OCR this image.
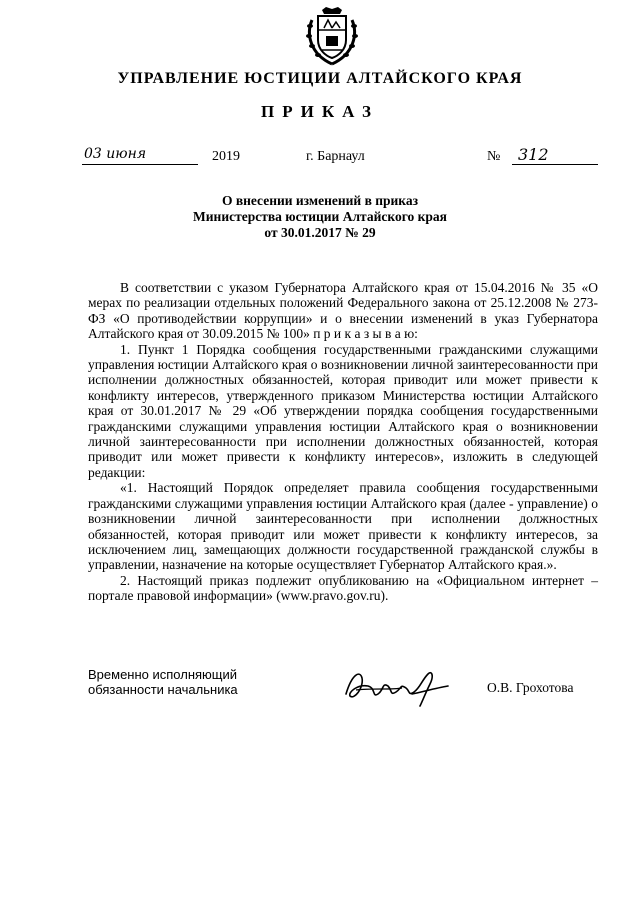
УПРАВЛЕНИЕ ЮСТИЦИИ АЛТАЙСКОГО КРАЯ
ПРИКАЗ
03 июня	2019	г. Барнаул	№ 312
О внесении изменений в приказ
Министерства юстиции Алтайского края
от 30.01.2017 № 29

В соответствии с указом Губернатора Алтайского края от 15.04.2016 № 35 «О мерах по реализации отдельных положений Федерального закона от 25.12.2008 № 273-ФЗ «О противодействии коррупции» и о внесении изменений в указ Губернатора Алтайского края от 30.09.2015 № 100» п р и к а з ы в а ю:

1. Пункт 1 Порядка сообщения государственными гражданскими служащими управления юстиции Алтайского края о возникновении личной заинтересованности при исполнении должностных обязанностей, которая приводит или может привести к конфликту интересов, утвержденного приказом Министерства юстиции Алтайского края от 30.01.2017 № 29 «Об утверждении порядка сообщения государственными гражданскими служащими управления юстиции Алтайского края о возникновении личной заинтересованности при исполнении должностных обязанностей, которая приводит или может привести к конфликту интересов», изложить в следующей редакции:

«1. Настоящий Порядок определяет правила сообщения государственными гражданскими служащими управления юстиции Алтайского края (далее - управление) о возникновении личной заинтересованности при исполнении должностных обязанностей, которая приводит или может привести к конфликту интересов, за исключением лиц, замещающих должности государственной гражданской службы в управлении, назначение на которые осуществляет Губернатор Алтайского края.».

2. Настоящий приказ подлежит опубликованию на «Официальном интернет – портале правовой информации» (www.pravo.gov.ru).

Временно исполняющий
обязанности начальника	О.В. Грохотова
